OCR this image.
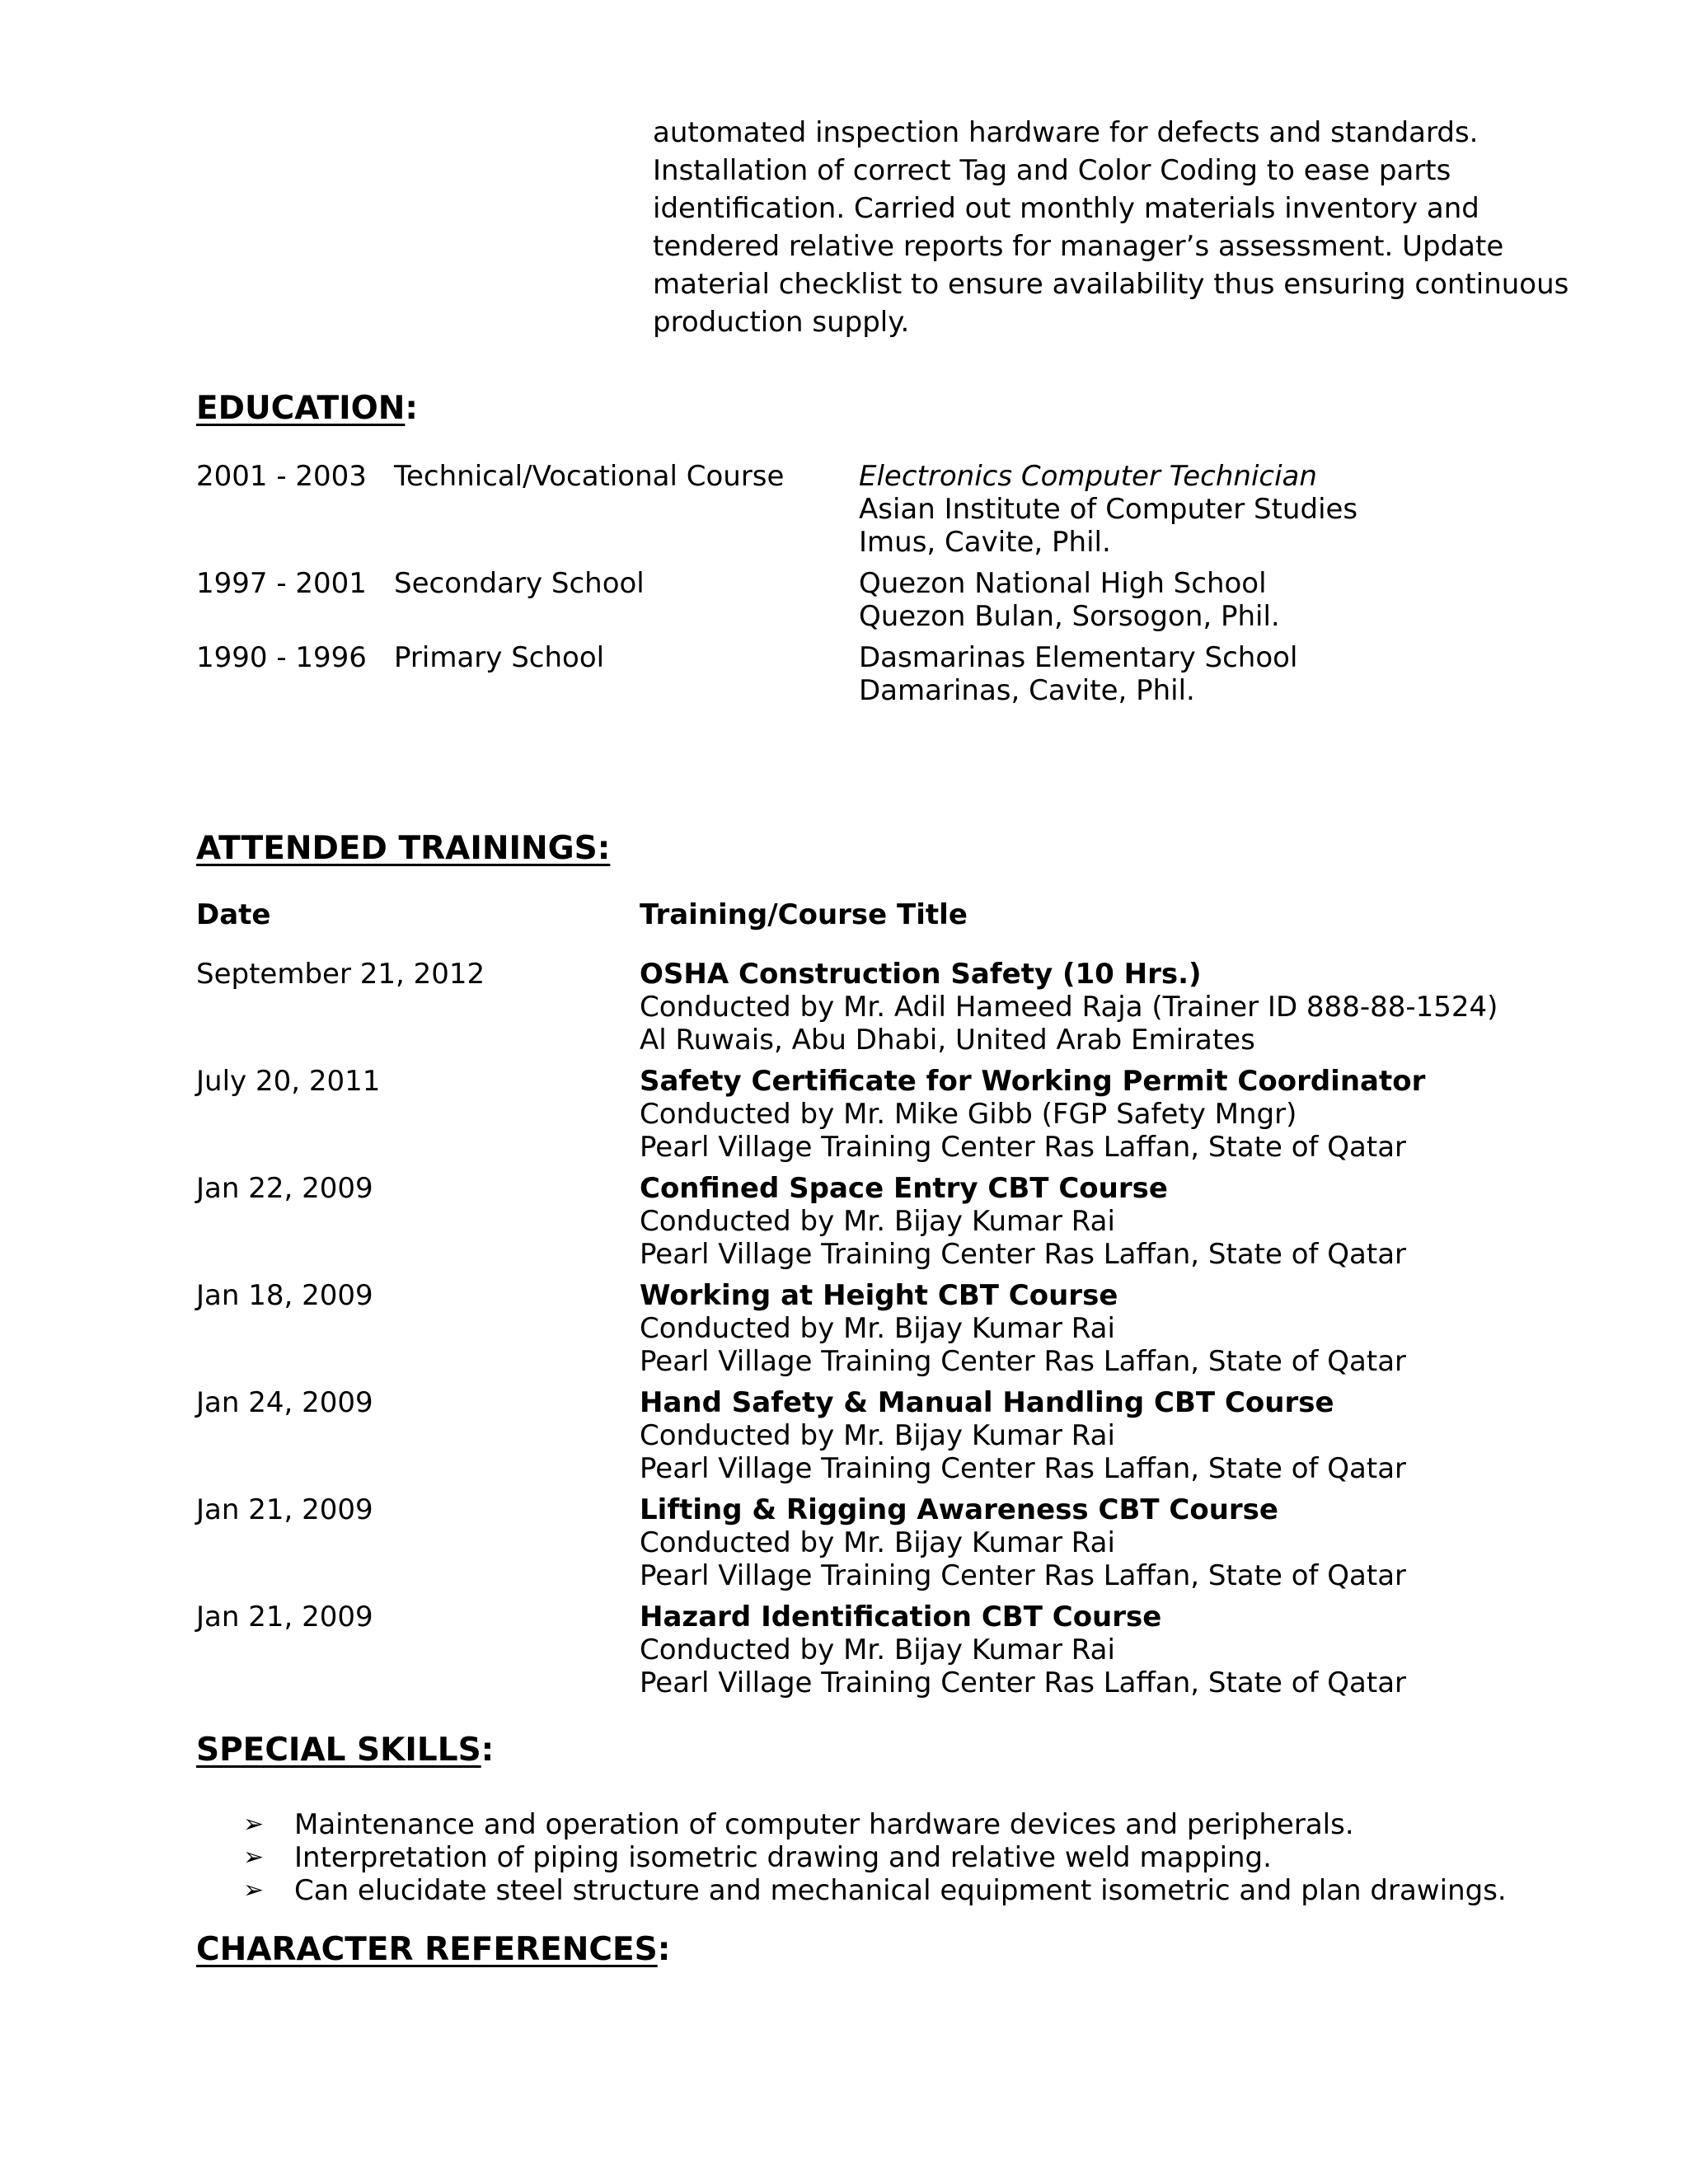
automated inspection hardware for defects and standards.
Installation of correct Tag and Color Coding to ease parts
identification. Carried out monthly materials inventory and
tendered relative reports for manager’s assessment. Update
material checklist to ensure availability thus ensuring continuous
production supply.
EDUCATION:
2001 - 2003 Technical/Vocational Course	Electronics Computer Technician
Asian Institute of Computer Studies
Imus, Cavite, Phil.
1997 - 2001 Secondary School	Quezon National High School
Quezon Bulan, Sorsogon, Phil.
1990 - 1996 Primary School	Dasmarinas Elementary School
Damarinas, Cavite, Phil.
ATTENDED TRAININGS:
Date	Training/Course Title
September 21, 2012	OSHA Construction Safety (10 Hrs.)
Conducted by Mr. Adil Hameed Raja (Trainer ID 888-88-1524)
Al Ruwais, Abu Dhabi, United Arab Emirates
July 20, 2011	Safety Certificate for Working Permit Coordinator
Conducted by Mr. Mike Gibb (FGP Safety Mngr)
Pearl Village Training Center Ras Laffan, State of Qatar
Jan 22, 2009	Confined Space Entry CBT Course
Conducted by Mr. Bijay Kumar Rai
Pearl Village Training Center Ras Laffan, State of Qatar
Jan 18, 2009	Working at Height CBT Course
Conducted by Mr. Bijay Kumar Rai
Pearl Village Training Center Ras Laffan, State of Qatar
Jan 24, 2009	Hand Safety & Manual Handling CBT Course
Conducted by Mr. Bijay Kumar Rai
Pearl Village Training Center Ras Laffan, State of Qatar
Jan 21, 2009	Lifting & Rigging Awareness CBT Course
Conducted by Mr. Bijay Kumar Rai
Pearl Village Training Center Ras Laffan, State of Qatar
Jan 21, 2009	Hazard Identification CBT Course
Conducted by Mr. Bijay Kumar Rai
Pearl Village Training Center Ras Laffan, State of Qatar
SPECIAL SKILLS:
➢ Maintenance and operation of computer hardware devices and peripherals.
➢ Interpretation of piping isometric drawing and relative weld mapping.
➢ Can elucidate steel structure and mechanical equipment isometric and plan drawings.
CHARACTER REFERENCES:
